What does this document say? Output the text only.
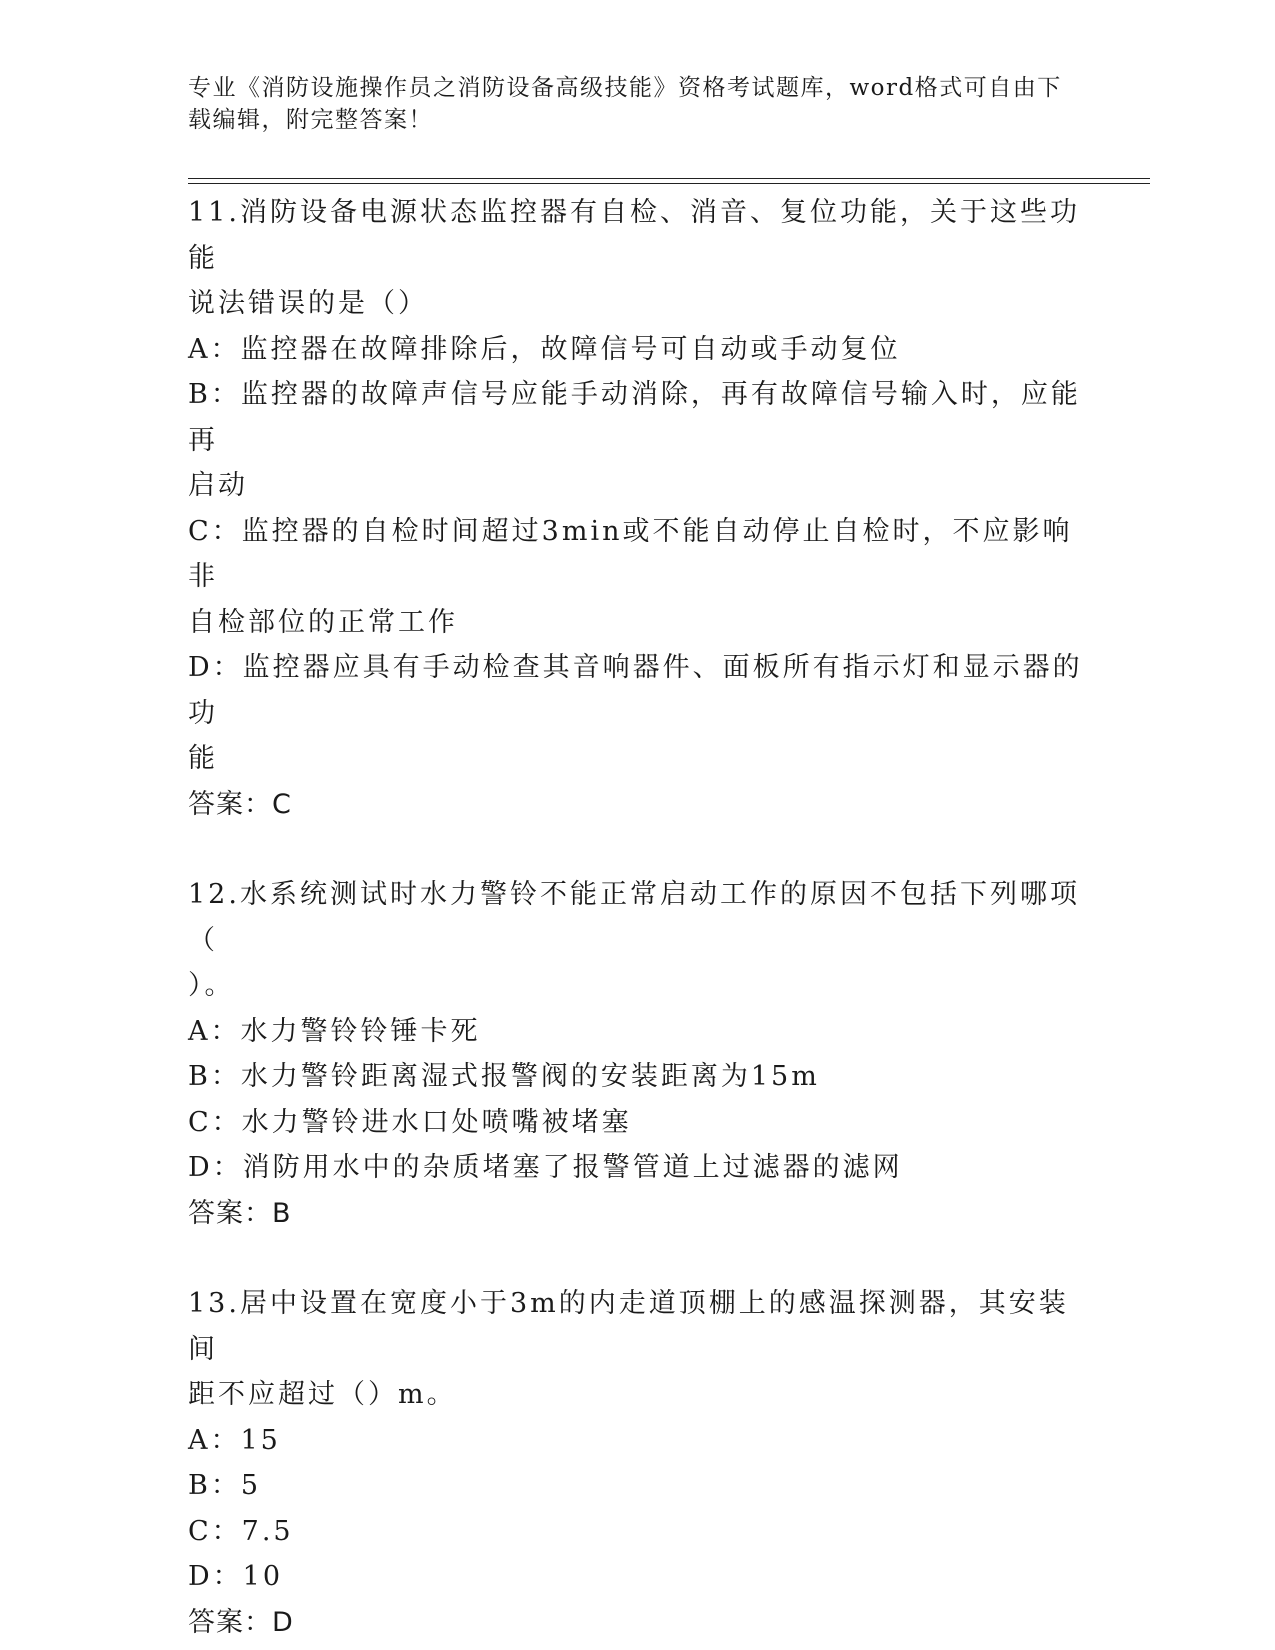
专业《消防设施操作员之消防设备高级技能》资格考试题库，word格式可自由下
载编辑，附完整答案！
11.消防设备电源状态监控器有自检、消音、复位功能，关于这些功能
说法错误的是（）
A：监控器在故障排除后，故障信号可自动或手动复位
B：监控器的故障声信号应能手动消除，再有故障信号输入时，应能再
启动
C：监控器的自检时间超过3min或不能自动停止自检时，不应影响非
自检部位的正常工作
D：监控器应具有手动检查其音响器件、面板所有指示灯和显示器的功
能
答案：C
12.水系统测试时水力警铃不能正常启动工作的原因不包括下列哪项（
）。
A：水力警铃铃锤卡死
B：水力警铃距离湿式报警阀的安装距离为15m
C：水力警铃进水口处喷嘴被堵塞
D：消防用水中的杂质堵塞了报警管道上过滤器的滤网
答案：B
13.居中设置在宽度小于3m的内走道顶棚上的感温探测器，其安装间
距不应超过（）m。
A：15
B：5
C：7.5
D：10
答案：D
